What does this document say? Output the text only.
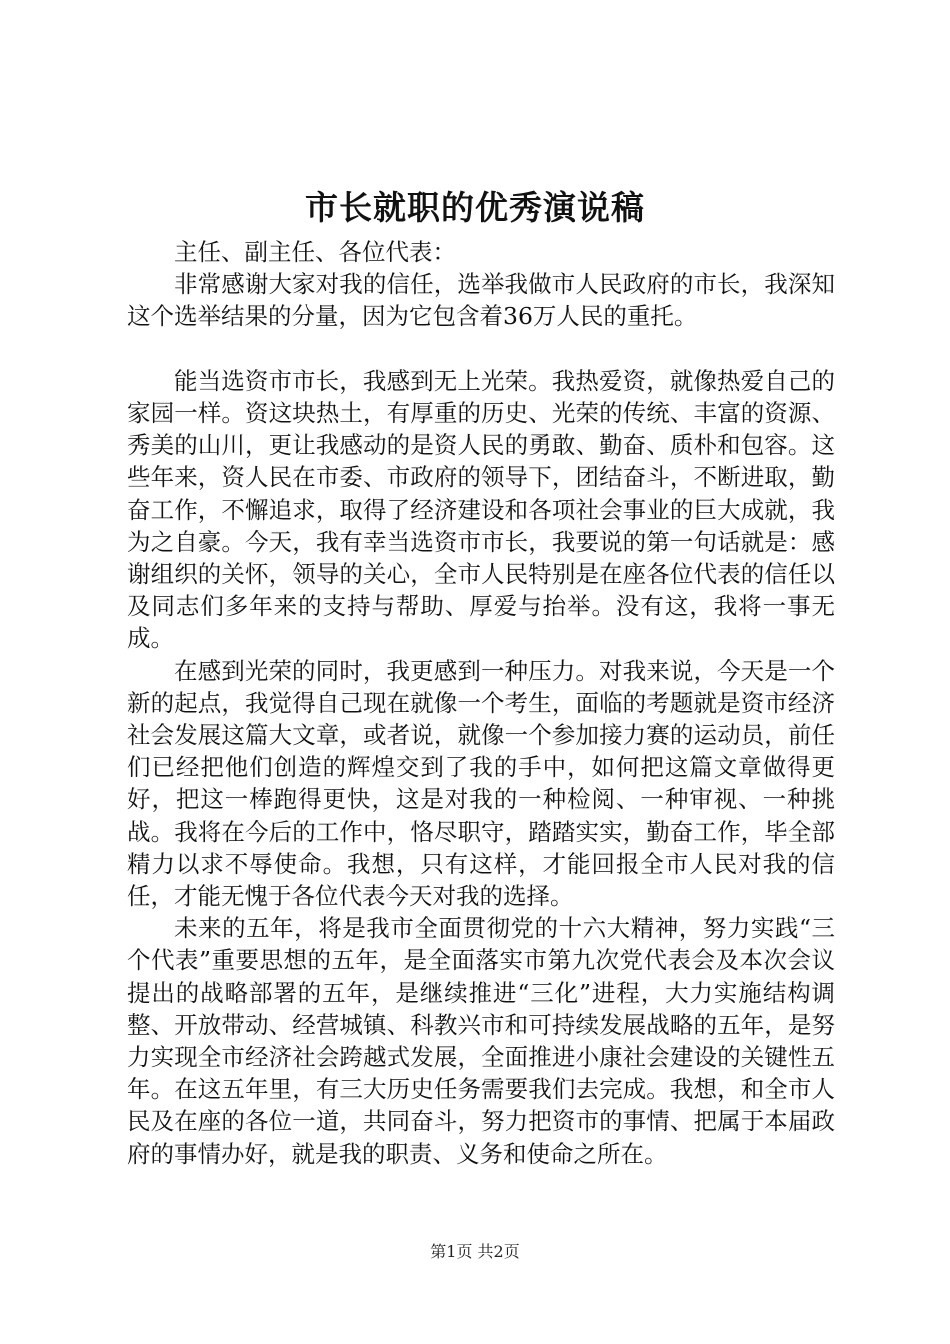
市长就职的优秀演说稿

主任、副主任、各位代表：

非常感谢大家对我的信任，选举我做市人民政府的市长，我深知这个选举结果的分量，因为它包含着36万人民的重托。

能当选资市市长，我感到无上光荣。我热爱资，就像热爱自己的家园一样。资这块热土，有厚重的历史、光荣的传统、丰富的资源、秀美的山川，更让我感动的是资人民的勇敢、勤奋、质朴和包容。这些年来，资人民在市委、市政府的领导下，团结奋斗，不断进取，勤奋工作，不懈追求，取得了经济建设和各项社会事业的巨大成就，我为之自豪。今天，我有幸当选资市市长，我要说的第一句话就是：感谢组织的关怀，领导的关心，全市人民特别是在座各位代表的信任以及同志们多年来的支持与帮助、厚爱与抬举。没有这，我将一事无成。

在感到光荣的同时，我更感到一种压力。对我来说，今天是一个新的起点，我觉得自己现在就像一个考生，面临的考题就是资市经济社会发展这篇大文章，或者说，就像一个参加接力赛的运动员，前任们已经把他们创造的辉煌交到了我的手中，如何把这篇文章做得更好，把这一棒跑得更快，这是对我的一种检阅、一种审视、一种挑战。我将在今后的工作中，恪尽职守，踏踏实实，勤奋工作，毕全部精力以求不辱使命。我想，只有这样，才能回报全市人民对我的信任，才能无愧于各位代表今天对我的选择。

未来的五年，将是我市全面贯彻党的十六大精神，努力实践“三个代表”重要思想的五年，是全面落实市第九次党代表会及本次会议提出的战略部署的五年，是继续推进“三化”进程，大力实施结构调整、开放带动、经营城镇、科教兴市和可持续发展战略的五年，是努力实现全市经济社会跨越式发展，全面推进小康社会建设的关键性五年。在这五年里，有三大历史任务需要我们去完成。我想，和全市人民及在座的各位一道，共同奋斗，努力把资市的事情、把属于本届政府的事情办好，就是我的职责、义务和使命之所在。

第1页 共2页
